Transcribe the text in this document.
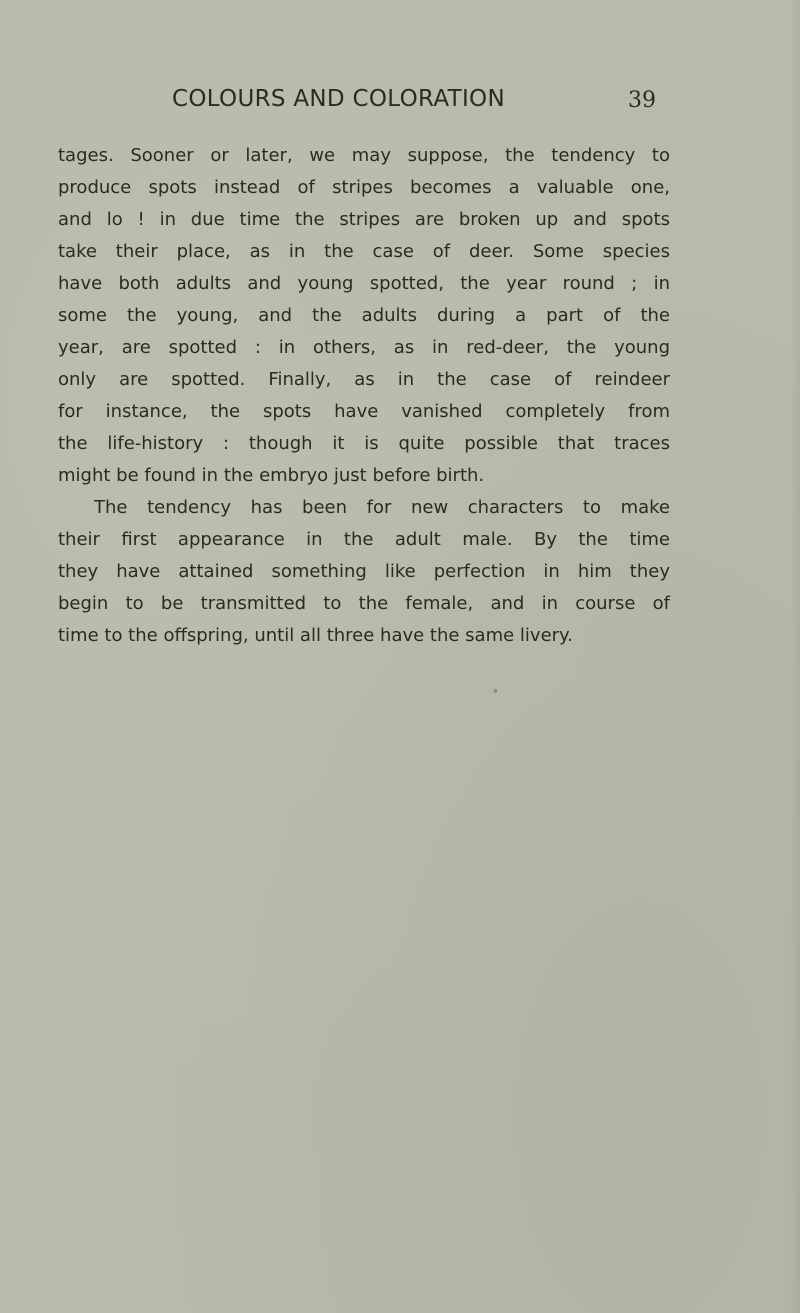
COLOURS AND COLORATION	39
tages. Sooner or later, we may suppose, the tendency to
produce spots instead of stripes becomes a valuable one,
and lo ! in due time the stripes are broken up and spots
take their place, as in the case of deer. Some species
have both adults and young spotted, the year round ; in
some the young, and the adults during a part of the
year, are spotted : in others, as in red-deer, the young
only are spotted. Finally, as in the case of reindeer
for instance, the spots have vanished completely from
the life-history : though it is quite possible that traces
might be found in the embryo just before birth.
The tendency has been for new characters to make
their first appearance in the adult male. By the time
they have attained something like perfection in him they
begin to be transmitted to the female, and in course of
time to the offspring, until all three have the same livery.
